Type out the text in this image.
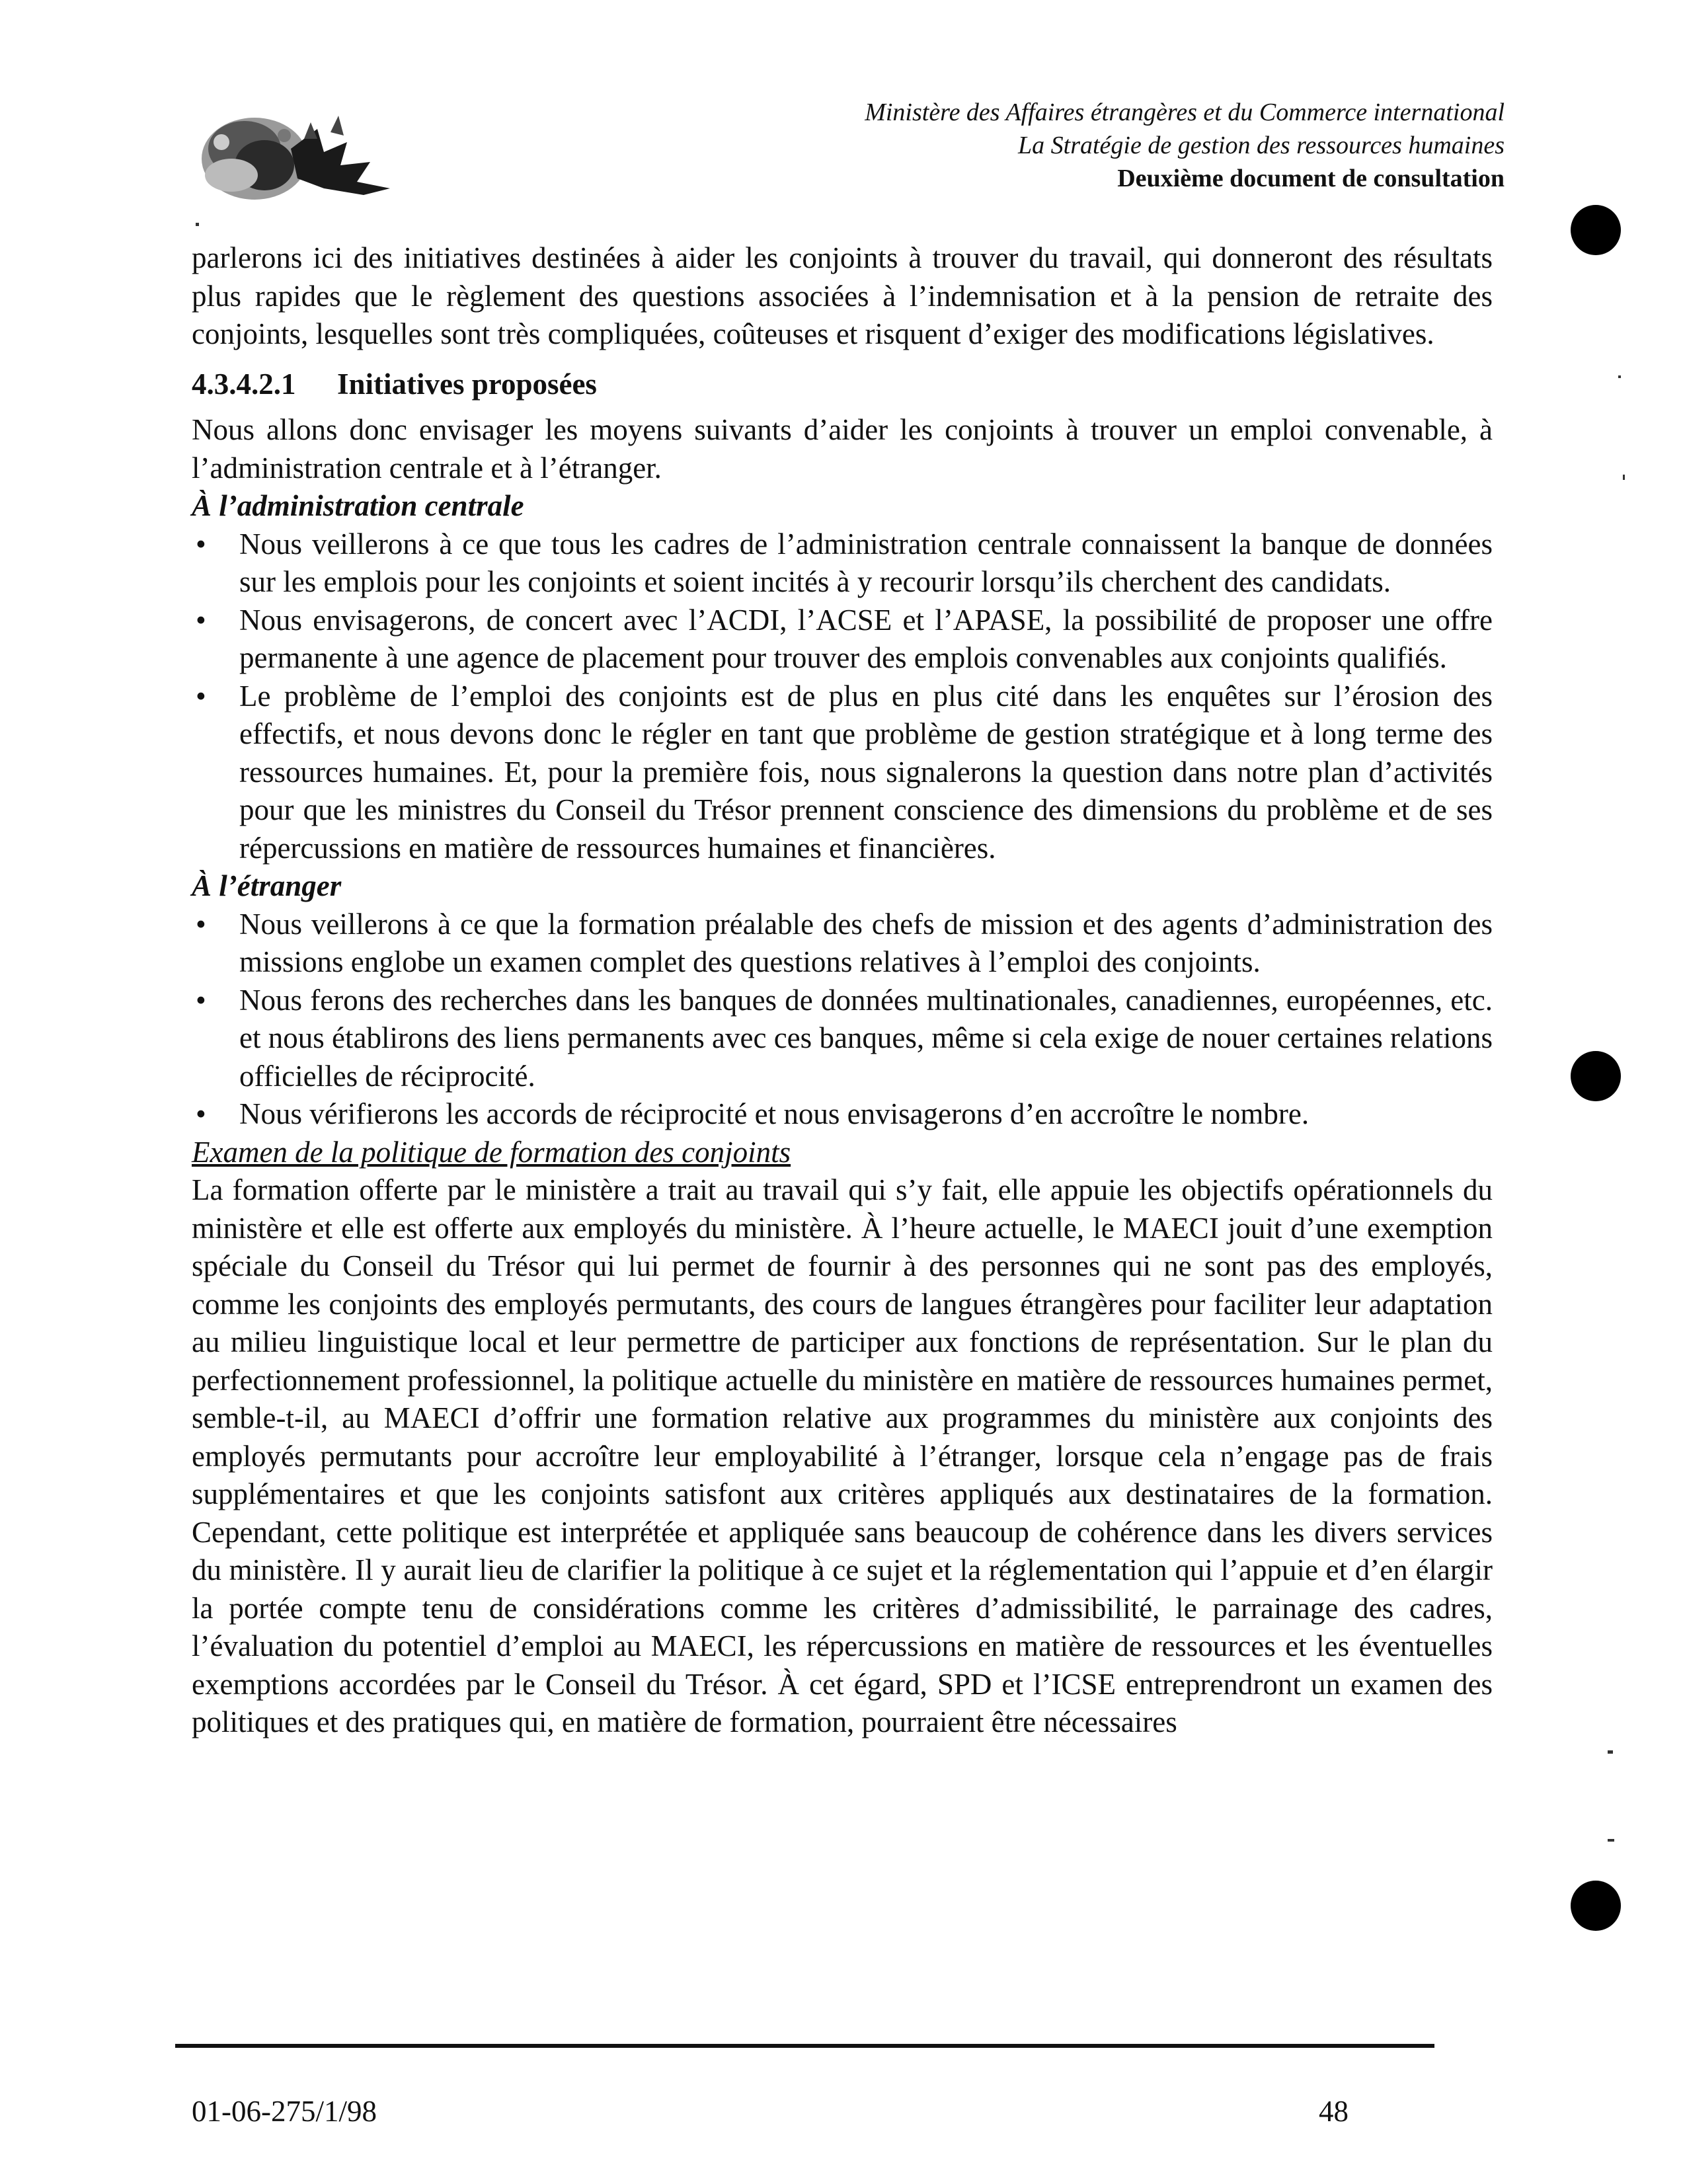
Ministère des Affaires étrangères et du Commerce international
La Stratégie de gestion des ressources humaines
Deuxième document de consultation

parlerons ici des initiatives destinées à aider les conjoints à trouver du travail, qui donneront des résultats plus rapides que le règlement des questions associées à l’indemnisation et à la pension de retraite des conjoints, lesquelles sont très compliquées, coûteuses et risquent d’exiger des modifications législatives.

4.3.4.2.1 Initiatives proposées

Nous allons donc envisager les moyens suivants d’aider les conjoints à trouver un emploi convenable, à l’administration centrale et à l’étranger.

À l’administration centrale

• Nous veillerons à ce que tous les cadres de l’administration centrale connaissent la banque de données sur les emplois pour les conjoints et soient incités à y recourir lorsqu’ils cherchent des candidats.
• Nous envisagerons, de concert avec l’ACDI, l’ACSE et l’APASE, la possibilité de proposer une offre permanente à une agence de placement pour trouver des emplois convenables aux conjoints qualifiés.
• Le problème de l’emploi des conjoints est de plus en plus cité dans les enquêtes sur l’érosion des effectifs, et nous devons donc le régler en tant que problème de gestion stratégique et à long terme des ressources humaines. Et, pour la première fois, nous signalerons la question dans notre plan d’activités pour que les ministres du Conseil du Trésor prennent conscience des dimensions du problème et de ses répercussions en matière de ressources humaines et financières.

À l’étranger

• Nous veillerons à ce que la formation préalable des chefs de mission et des agents d’administration des missions englobe un examen complet des questions relatives à l’emploi des conjoints.
• Nous ferons des recherches dans les banques de données multinationales, canadiennes, européennes, etc. et nous établirons des liens permanents avec ces banques, même si cela exige de nouer certaines relations officielles de réciprocité.
• Nous vérifierons les accords de réciprocité et nous envisagerons d’en accroître le nombre.

Examen de la politique de formation des conjoints

La formation offerte par le ministère a trait au travail qui s’y fait, elle appuie les objectifs opérationnels du ministère et elle est offerte aux employés du ministère. À l’heure actuelle, le MAECI jouit d’une exemption spéciale du Conseil du Trésor qui lui permet de fournir à des personnes qui ne sont pas des employés, comme les conjoints des employés permutants, des cours de langues étrangères pour faciliter leur adaptation au milieu linguistique local et leur permettre de participer aux fonctions de représentation. Sur le plan du perfectionnement professionnel, la politique actuelle du ministère en matière de ressources humaines permet, semble-t-il, au MAECI d’offrir une formation relative aux programmes du ministère aux conjoints des employés permutants pour accroître leur employabilité à l’étranger, lorsque cela n’engage pas de frais supplémentaires et que les conjoints satisfont aux critères appliqués aux destinataires de la formation. Cependant, cette politique est interprétée et appliquée sans beaucoup de cohérence dans les divers services du ministère. Il y aurait lieu de clarifier la politique à ce sujet et la réglementation qui l’appuie et d’en élargir la portée compte tenu de considérations comme les critères d’admissibilité, le parrainage des cadres, l’évaluation du potentiel d’emploi au MAECI, les répercussions en matière de ressources et les éventuelles exemptions accordées par le Conseil du Trésor. À cet égard, SPD et l’ICSE entreprendront un examen des politiques et des pratiques qui, en matière de formation, pourraient être nécessaires

01-06-275/1/98	48
